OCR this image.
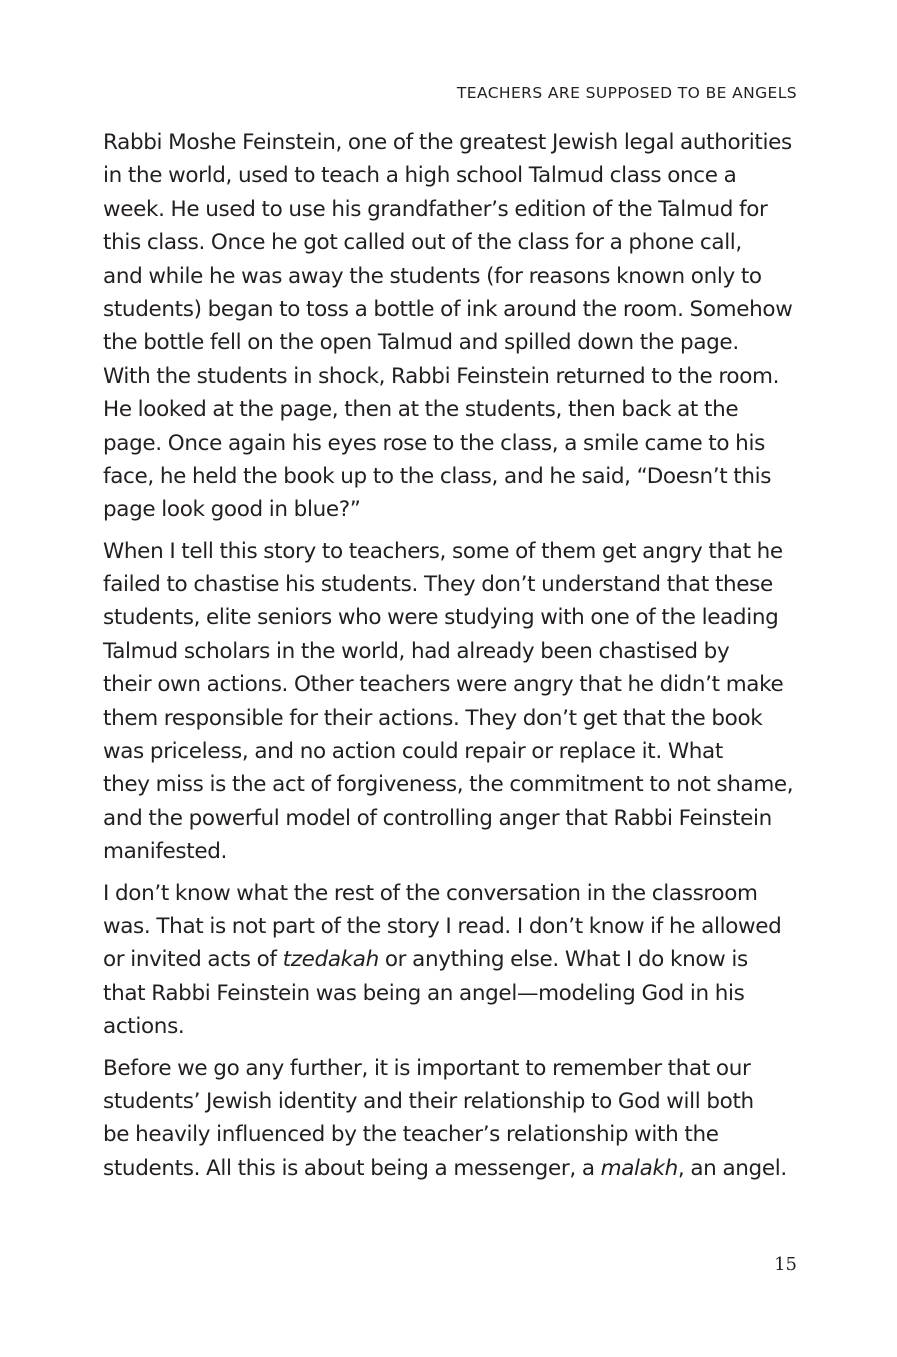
TEACHERS ARE SUPPOSED TO BE ANGELS
Rabbi Moshe Feinstein, one of the greatest Jewish legal authorities
in the world, used to teach a high school Talmud class once a
week. He used to use his grandfather’s edition of the Talmud for
this class. Once he got called out of the class for a phone call,
and while he was away the students (for reasons known only to
students) began to toss a bottle of ink around the room. Somehow
the bottle fell on the open Talmud and spilled down the page.
With the students in shock, Rabbi Feinstein returned to the room.
He looked at the page, then at the students, then back at the
page. Once again his eyes rose to the class, a smile came to his
face, he held the book up to the class, and he said, “Doesn’t this
page look good in blue?”
When I tell this story to teachers, some of them get angry that he
failed to chastise his students. They don’t understand that these
students, elite seniors who were studying with one of the leading
Talmud scholars in the world, had already been chastised by
their own actions. Other teachers were angry that he didn’t make
them responsible for their actions. They don’t get that the book
was priceless, and no action could repair or replace it. What
they miss is the act of forgiveness, the commitment to not shame,
and the powerful model of controlling anger that Rabbi Feinstein
manifested.
I don’t know what the rest of the conversation in the classroom
was. That is not part of the story I read. I don’t know if he allowed
or invited acts of tzedakah or anything else. What I do know is
that Rabbi Feinstein was being an angel—modeling God in his
actions.
Before we go any further, it is important to remember that our
students’ Jewish identity and their relationship to God will both
be heavily influenced by the teacher’s relationship with the
students. All this is about being a messenger, a malakh, an angel.
15
